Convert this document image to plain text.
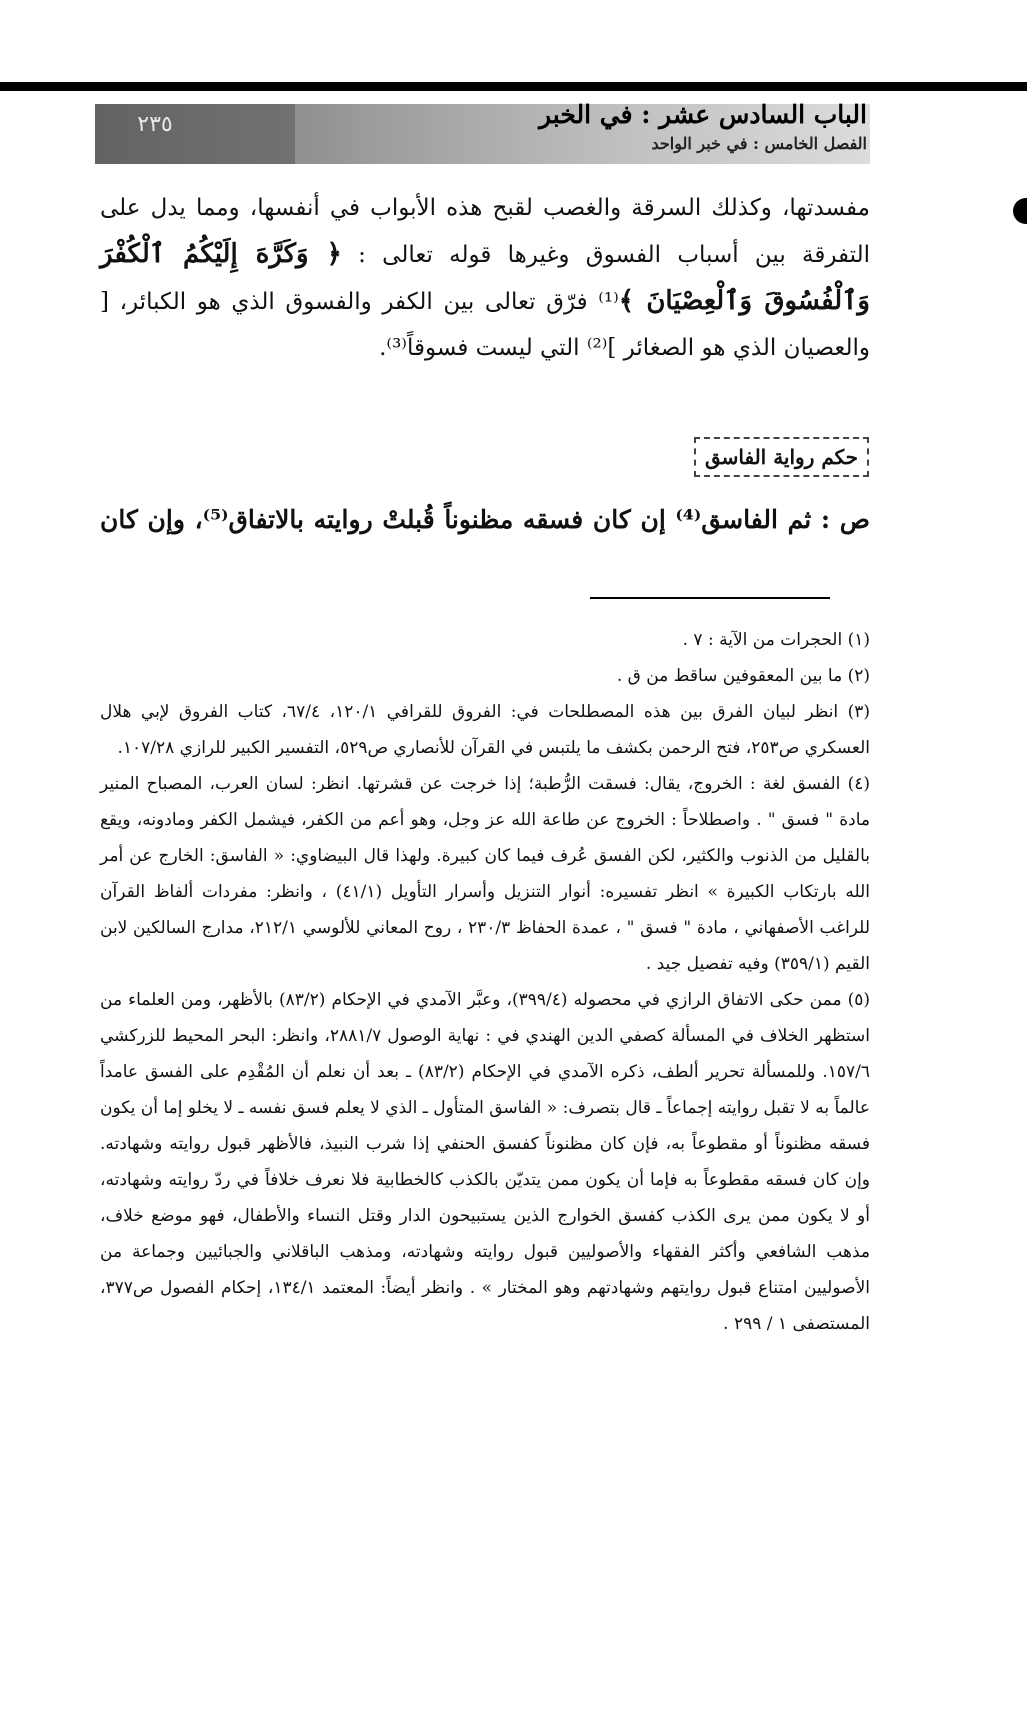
٢٣٥	الباب السادس عشر : في الخبر
الفصل الخامس : في خبر الواحد

مفسدتها، وكذلك السرقة والغصب لقبح هذه الأبواب في أنفسها، ومما يدل على التفرقة بين أسباب الفسوق وغيرها قوله تعالى : ﴿ وَكَرَّهَ إِلَيْكُمُ ٱلْكُفْرَ وَٱلْفُسُوقَ وَٱلْعِصْيَانَ ﴾⁽¹⁾ فرّق تعالى بين الكفر والفسوق الذي هو الكبائر، [ والعصيان الذي هو الصغائر ]⁽²⁾ التي ليست فسوقاً⁽³⁾.

حكم رواية الفاسق

ص : ثم الفاسق⁽⁴⁾ إن كان فسقه مظنوناً قُبلتْ روايته بالاتفاق⁽⁵⁾، وإن كان

(١) الحجرات من الآية : ٧ .
(٢) ما بين المعقوفين ساقط من ق .
(٣) انظر لبيان الفرق بين هذه المصطلحات في: الفروق للقرافي ١٢٠/١، ٦٧/٤، كتاب الفروق لإبي هلال العسكري ص٢٥٣، فتح الرحمن بكشف ما يلتبس في القرآن للأنصاري ص٥٢٩، التفسير الكبير للرازي ١٠٧/٢٨.
(٤) الفسق لغة : الخروج، يقال: فسقت الرُّطبة؛ إذا خرجت عن قشرتها. انظر: لسان العرب، المصباح المنير مادة " فسق " . واصطلاحاً : الخروج عن طاعة الله عز وجل، وهو أعم من الكفر، فيشمل الكفر ومادونه، ويقع بالقليل من الذنوب والكثير، لكن الفسق عُرف فيما كان كبيرة. ولهذا قال البيضاوي: « الفاسق: الخارج عن أمر الله بارتكاب الكبيرة » انظر تفسيره: أنوار التنزيل وأسرار التأويل (٤١/١) ، وانظر: مفردات ألفاظ القرآن للراغب الأصفهاني ، مادة " فسق " ، عمدة الحفاظ ٢٣٠/٣ ، روح المعاني للألوسي ٢١٢/١، مدارج السالكين لابن القيم (٣٥٩/١) وفيه تفصيل جيد .
(٥) ممن حكى الاتفاق الرازي في محصوله (٣٩٩/٤)، وعبَّر الآمدي في الإحكام (٨٣/٢) بالأظهر، ومن العلماء من استظهر الخلاف في المسألة كصفي الدين الهندي في : نهاية الوصول ٢٨٨١/٧، وانظر: البحر المحيط للزركشي ١٥٧/٦. وللمسألة تحرير ألطف، ذكره الآمدي في الإحكام (٨٣/٢) ـ بعد أن نعلم أن المُقْدِم على الفسق عامداً عالماً به لا تقبل روايته إجماعاً ـ قال بتصرف: « الفاسق المتأول ـ الذي لا يعلم فسق نفسه ـ لا يخلو إما أن يكون فسقه مظنوناً أو مقطوعاً به، فإن كان مظنوناً كفسق الحنفي إذا شرب النبيذ، فالأظهر قبول روايته وشهادته. وإن كان فسقه مقطوعاً به فإما أن يكون ممن يتديّن بالكذب كالخطابية فلا نعرف خلافاً في ردّ روايته وشهادته، أو لا يكون ممن يرى الكذب كفسق الخوارج الذين يستبيحون الدار وقتل النساء والأطفال، فهو موضع خلاف، مذهب الشافعي وأكثر الفقهاء والأصوليين قبول روايته وشهادته، ومذهب الباقلاني والجبائيين وجماعة من الأصوليين امتناع قبول روايتهم وشهادتهم وهو المختار » . وانظر أيضاً: المعتمد ١٣٤/١، إحكام الفصول ص٣٧٧، المستصفى ١ / ٢٩٩ .
